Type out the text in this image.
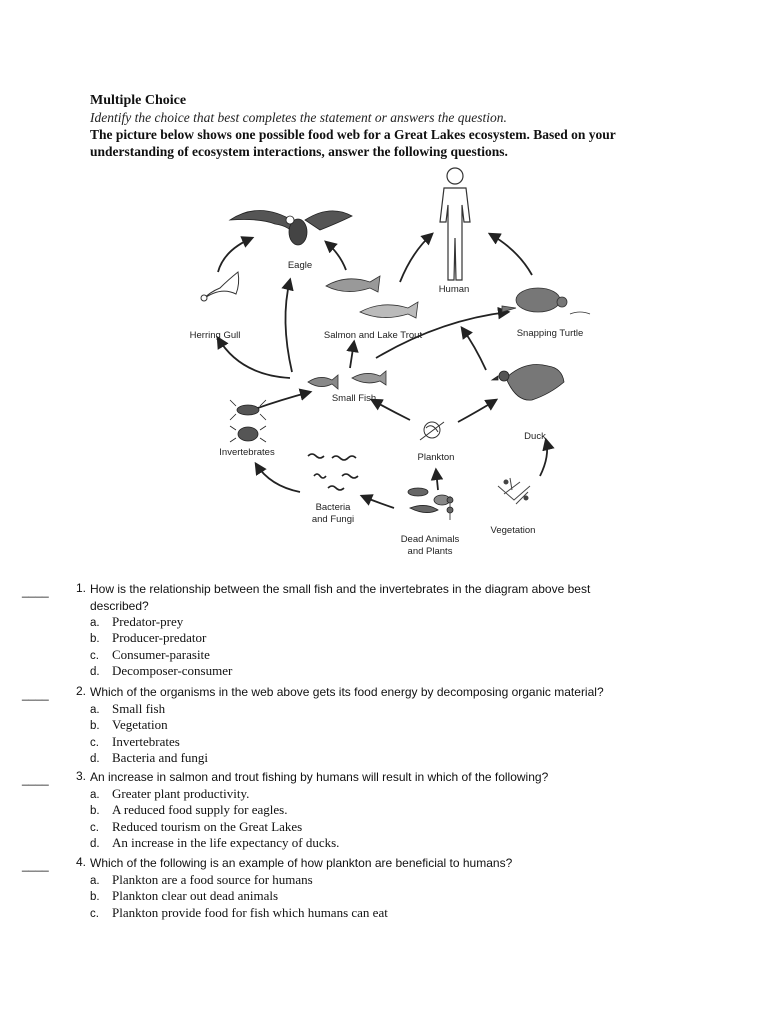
Multiple Choice
Identify the choice that best completes the statement or answers the question.
The picture below shows one possible food web for a Great Lakes ecosystem. Based on your understanding of ecosystem interactions, answer the following questions.
Eagle
Human
Herring Gull	Salmon and Lake Trout	Snapping Turtle
Small Fish
Invertebrates
Duck
Plankton
Bacteria
and Fungi
Vegetation
Dead Animals
and Plants
____	1. How is the relationship between the small fish and the invertebrates in the diagram above best described?
a. Predator-prey
b. Producer-predator
c. Consumer-parasite
d. Decomposer-consumer
____	2. Which of the organisms in the web above gets its food energy by decomposing organic material?
a. Small fish
b. Vegetation
c. Invertebrates
d. Bacteria and fungi
____	3. An increase in salmon and trout fishing by humans will result in which of the following?
a. Greater plant productivity.
b. A reduced food supply for eagles.
c. Reduced tourism on the Great Lakes
d. An increase in the life expectancy of ducks.
____	4. Which of the following is an example of how plankton are beneficial to humans?
a. Plankton are a food source for humans
b. Plankton clear out dead animals
c. Plankton provide food for fish which humans can eat
